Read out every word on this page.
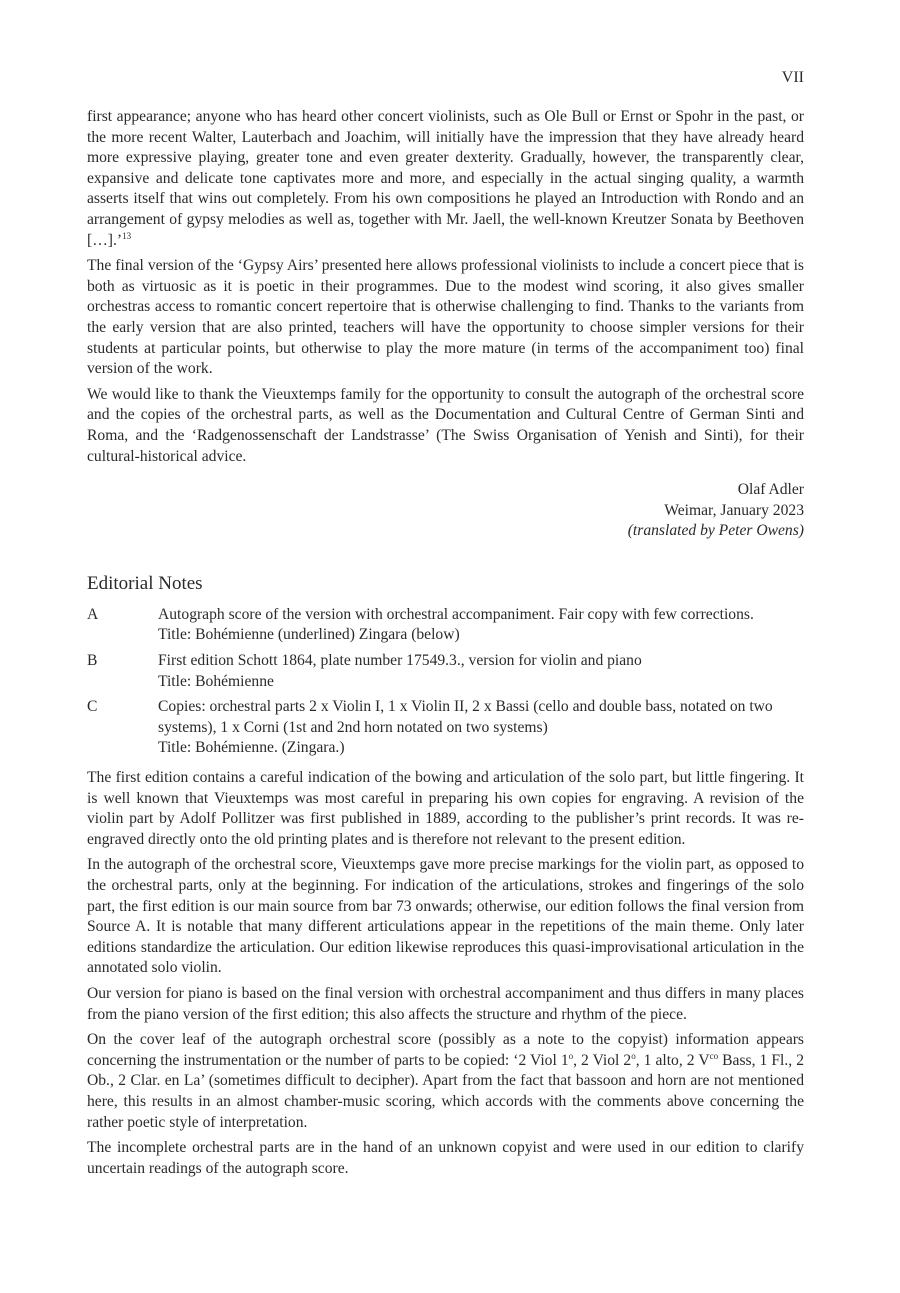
VII

first appearance; anyone who has heard other concert violinists, such as Ole Bull or Ernst or Spohr in the past, or the more recent Walter, Lauterbach and Joachim, will initially have the impression that they have already heard more expressive playing, greater tone and even greater dexterity. Gradually, however, the transparently clear, expansive and delicate tone captivates more and more, and especially in the actual singing quality, a warmth asserts itself that wins out completely. From his own compositions he played an Introduction with Rondo and an arrangement of gypsy melodies as well as, together with Mr. Jaell, the well-known Kreutzer Sonata by Beethoven […].’$^{13}$

The final version of the ‘Gypsy Airs’ presented here allows professional violinists to include a concert piece that is both as virtuosic as it is poetic in their programmes. Due to the modest wind scoring, it also gives smaller orchestras access to romantic concert repertoire that is otherwise challenging to find. Thanks to the variants from the early version that are also printed, teachers will have the opportunity to choose simpler versions for their students at particular points, but otherwise to play the more mature (in terms of the accompaniment too) final version of the work.

We would like to thank the Vieuxtemps family for the opportunity to consult the autograph of the orchestral score and the copies of the orchestral parts, as well as the Documentation and Cultural Centre of German Sinti and Roma, and the ‘Radgenossenschaft der Landstrasse’ (The Swiss Organisation of Yenish and Sinti), for their cultural-historical advice.

Olaf Adler
Weimar, January 2023
(translated by Peter Owens)
Editorial Notes
A	Autograph score of the version with orchestral accompaniment. Fair copy with few corrections.
Title: Bohémienne (underlined) Zingara (below)
B	First edition Schott 1864, plate number 17549.3., version for violin and piano
Title: Bohémienne
C	Copies: orchestral parts 2 x Violin I, 1 x Violin II, 2 x Bassi (cello and double bass, notated on two systems), 1 x Corni (1st and 2nd horn notated on two systems)
Title: Bohémienne. (Zingara.)

The first edition contains a careful indication of the bowing and articulation of the solo part, but little fingering. It is well known that Vieuxtemps was most careful in preparing his own copies for engraving. A revision of the violin part by Adolf Pollitzer was first published in 1889, according to the publisher’s print records. It was re-engraved directly onto the old printing plates and is therefore not relevant to the present edition.

In the autograph of the orchestral score, Vieuxtemps gave more precise markings for the violin part, as opposed to the orchestral parts, only at the beginning. For indication of the articulations, strokes and fingerings of the solo part, the first edition is our main source from bar 73 onwards; otherwise, our edition follows the final version from Source A. It is notable that many different articulations appear in the repetitions of the main theme. Only later editions standardize the articulation. Our edition likewise reproduces this quasi-improvisational articulation in the annotated solo violin.

Our version for piano is based on the final version with orchestral accompaniment and thus differs in many places from the piano version of the first edition; this also affects the structure and rhythm of the piece.

On the cover leaf of the autograph orchestral score (possibly as a note to the copyist) information appears concerning the instrumentation or the number of parts to be copied: ‘2 Viol 1$^o$, 2 Viol 2$^o$, 1 alto, 2 $V^{co}$ Bass, 1 Fl., 2 Ob., 2 Clar. en La’ (sometimes difficult to decipher). Apart from the fact that bassoon and horn are not mentioned here, this results in an almost chamber-music scoring, which accords with the comments above concerning the rather poetic style of interpretation.

The incomplete orchestral parts are in the hand of an unknown copyist and were used in our edition to clarify uncertain readings of the autograph score.
